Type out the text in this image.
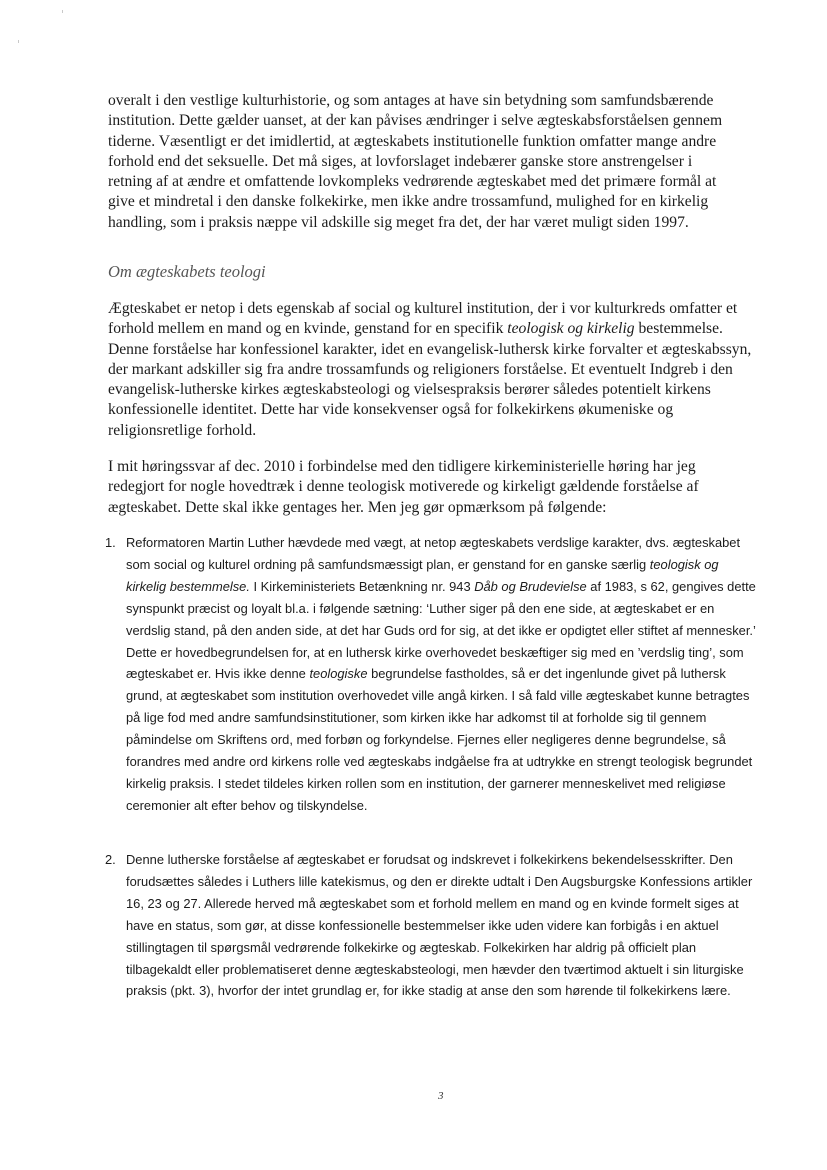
overalt i den vestlige kulturhistorie, og som antages at have sin betydning som samfundsbærende institution. Dette gælder uanset, at der kan påvises ændringer i selve ægteskabsforståelsen gennem tiderne. Væsentligt er det imidlertid, at ægteskabets institutionelle funktion omfatter mange andre forhold end det seksuelle. Det må siges, at lovforslaget indebærer ganske store anstrengelser i retning af at ændre et omfattende lovkompleks vedrørende ægteskabet med det primære formål at give et mindretal i den danske folkekirke, men ikke andre trossamfund, mulighed for en kirkelig handling, som i praksis næppe vil adskille sig meget fra det, der har været muligt siden 1997.

Om ægteskabets teologi

Ægteskabet er netop i dets egenskab af social og kulturel institution, der i vor kulturkreds omfatter et forhold mellem en mand og en kvinde, genstand for en specifik teologisk og kirkelig bestemmelse. Denne forståelse har konfessionel karakter, idet en evangelisk-luthersk kirke forvalter et ægteskabssyn, der markant adskiller sig fra andre trossamfunds og religioners forståelse. Et eventuelt Indgreb i den evangelisk-lutherske kirkes ægteskabsteologi og vielsespraksis berører således potentielt kirkens konfessionelle identitet. Dette har vide konsekvenser også for folkekirkens økumeniske og religionsretlige forhold.

I mit høringssvar af dec. 2010 i forbindelse med den tidligere kirkeministerielle høring har jeg redegjort for nogle hovedtræk i denne teologisk motiverede og kirkeligt gældende forståelse af ægteskabet. Dette skal ikke gentages her. Men jeg gør opmærksom på følgende:

1. Reformatoren Martin Luther hævdede med vægt, at netop ægteskabets verdslige karakter, dvs. ægteskabet som social og kulturel ordning på samfundsmæssigt plan, er genstand for en ganske særlig teologisk og kirkelig bestemmelse. I Kirkeministeriets Betænkning nr. 943 Dåb og Brudevielse af 1983, s 62, gengives dette synspunkt præcist og loyalt bl.a. i følgende sætning: ‘Luther siger på den ene side, at ægteskabet er en verdslig stand, på den anden side, at det har Guds ord for sig, at det ikke er opdigtet eller stiftet af mennesker.’ Dette er hovedbegrundelsen for, at en luthersk kirke overhovedet beskæftiger sig med en ’verdslig ting’, som ægteskabet er. Hvis ikke denne teologiske begrundelse fastholdes, så er det ingenlunde givet på luthersk grund, at ægteskabet som institution overhovedet ville angå kirken. I så fald ville ægteskabet kunne betragtes på lige fod med andre samfundsinstitutioner, som kirken ikke har adkomst til at forholde sig til gennem påmindelse om Skriftens ord, med forbøn og forkyndelse. Fjernes eller negligeres denne begrundelse, så forandres med andre ord kirkens rolle ved ægteskabs indgåelse fra at udtrykke en strengt teologisk begrundet kirkelig praksis. I stedet tildeles kirken rollen som en institution, der garnerer menneskelivet med religiøse ceremonier alt efter behov og tilskyndelse.

2. Denne lutherske forståelse af ægteskabet er forudsat og indskrevet i folkekirkens bekendelsesskrifter. Den forudsættes således i Luthers lille katekismus, og den er direkte udtalt i Den Augsburgske Konfessions artikler 16, 23 og 27. Allerede herved må ægteskabet som et forhold mellem en mand og en kvinde formelt siges at have en status, som gør, at disse konfessionelle bestemmelser ikke uden videre kan forbigås i en aktuel stillingtagen til spørgsmål vedrørende folkekirke og ægteskab. Folkekirken har aldrig på officielt plan tilbagekaldt eller problematiseret denne ægteskabsteologi, men hævder den tværtimod aktuelt i sin liturgiske praksis (pkt. 3), hvorfor der intet grundlag er, for ikke stadig at anse den som hørende til folkekirkens lære.

3
